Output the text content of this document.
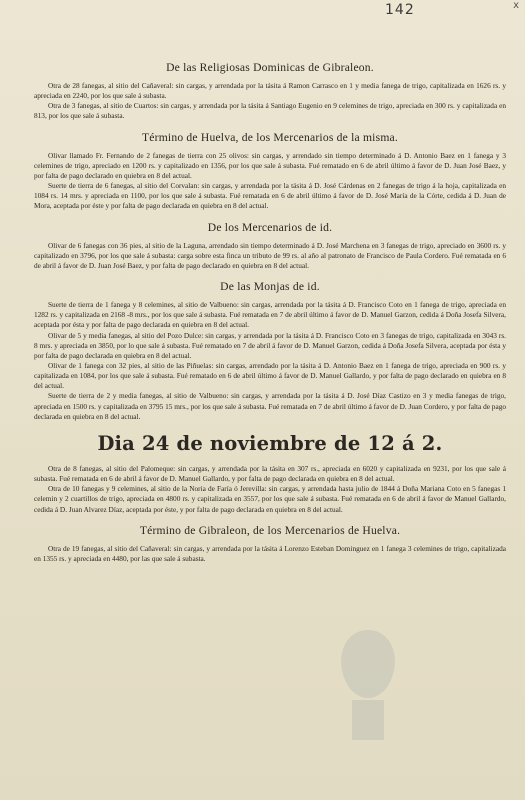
142	x
De las Religiosas Dominicas de Gibraleon.

Otra de 28 fanegas, al sitio del Cañaveral: sin cargas, y arrendada por la tásita á Ramon Carrasco en 1 y media fanega de trigo, capitalizada en 1626 rs. y apreciada en 2240, por los que sale á subasta.

Otra de 3 fanegas, al sitio de Cuartos: sin cargas, y arrendada por la tásita á Santiago Eugenio en 9 celemines de trigo, apreciada en 300 rs. y capitalizada en 813, por los que sale á subasta.

Término de Huelva, de los Mercenarios de la misma.

Olivar llamado Fr. Fernando de 2 fanegas de tierra con 25 olivos: sin cargas, y arrendado sin tiempo determinado á D. Antonio Baez en 1 fanega y 3 celemines de trigo, apreciado en 1200 rs. y capitalizado en 1356, por los que sale á subasta. Fué rematado en 6 de abril último á favor de D. Juan José Baez, y por falta de pago declarado en quiebra en 8 del actual.

Suerte de tierra de 6 fanegas, al sitio del Corvalan: sin cargas, y arrendada por la tásita á D. José Cárdenas en 2 fanegas de trigo á la hoja, capitalizada en 1084 rs. 14 mrs. y apreciada en 1100, por los que sale á subasta. Fué rematada en 6 de abril último á favor de D. José María de la Córte, cedida á D. Juan de Mora, aceptada por éste y por falta de pago declarada en quiebra en 8 del actual.

De los Mercenarios de id.

Olivar de 6 fanegas con 36 pies, al sitio de la Laguna, arrendado sin tiempo determinado á D. José Marchena en 3 fanegas de trigo, apreciado en 3600 rs. y capitalizado en 3796, por los que sale á subasta: carga sobre esta finca un tributo de 99 rs. al año al patronato de Francisco de Paula Cordero. Fué rematada en 6 de abril á favor de D. Juan José Baez, y por falta de pago declarado en quiebra en 8 del actual.

De las Monjas de id.

Suerte de tierra de 1 fanega y 8 celemines, al sitio de Valbueno: sin cargas, arrendada por la tásita á D. Francisco Coto en 1 fanega de trigo, apreciada en 1282 rs. y capitalizada en 2168 -8 mrs., por los que sale á subasta. Fué rematada en 7 de abril último á favor de D. Manuel Garzon, cedida á Doña Josefa Silvera, aceptada por ésta y por falta de pago declarada en quiebra en 8 del actual.

Olivar de 5 y media fanegas, al sitio del Pozo Dulce: sin cargas, y arrendada por la tásita á D. Francisco Coto en 3 fanegas de trigo, capitalizada en 3043 rs. 8 mrs. y apreciada en 3850, por lo que sale á subasta. Fué rematado en 7 de abril á favor de D. Manuel Garzon, cedida á Doña Josefa Silvera, aceptada por ésta y por falta de pago declarada en quiebra en 8 del actual.

Olivar de 1 fanega con 32 pies, al sitio de las Piñuelas: sin cargas, arrendado por la tásita á D. Antonio Baez en 1 fanega de trigo, apreciada en 900 rs. y capitalizada en 1084, por los que sale á subasta. Fué rematado en 6 de abril último á favor de D. Manuel Gallardo, y por falta de pago declarado en quiebra en 8 del actual.

Suerte de tierra de 2 y media fanegas, al sitio de Valbueno: sin cargas, y arrendada por la tásita á D. José Díaz Castizo en 3 y media fanegas de trigo, apreciada en 1500 rs. y capitalizada en 3795 15 mrs., por los que sale á subasta. Fué rematada en 7 de abril último á favor de D. Juan Cordero, y por falta de pago declarada en quiebra en 8 del actual.

Dia 24 de noviembre de 12 á 2.

Otra de 8 fanegas, al sitio del Palomeque: sin cargas, y arrendada por la tásita en 307 rs., apreciada en 6020 y capitalizada en 9231, por los que sale á subasta. Fué rematada en 6 de abril á favor de D. Manuel Gallardo, y por falta de pago declarada en quiebra en 8 del actual.

Otra de 10 fanegas y 9 celemines, al sitio de la Noria de Faría ó Jerevilla: sin cargas, y arrendada hasta julio de 1844 á Doña Mariana Coto en 5 fanegas 1 celemin y 2 cuartillos de trigo, apreciada en 4800 rs. y capitalizada en 3557, por los que sale á subasta. Fué rematada en 6 de abril á favor de Manuel Gallardo, cedida á D. Juan Alvarez Díaz, aceptada por éste, y por falta de pago declarada en quiebra en 8 del actual.

Término de Gibraleon, de los Mercenarios de Huelva.

Otra de 19 fanegas, al sitio del Cañaveral: sin cargas, y arrendada por la tásita á Lorenzo Esteban Dominguez en 1 fanega 3 celemines de trigo, capitalizada en 1355 rs. y apreciada en 4480, por las que sale á subasta.
